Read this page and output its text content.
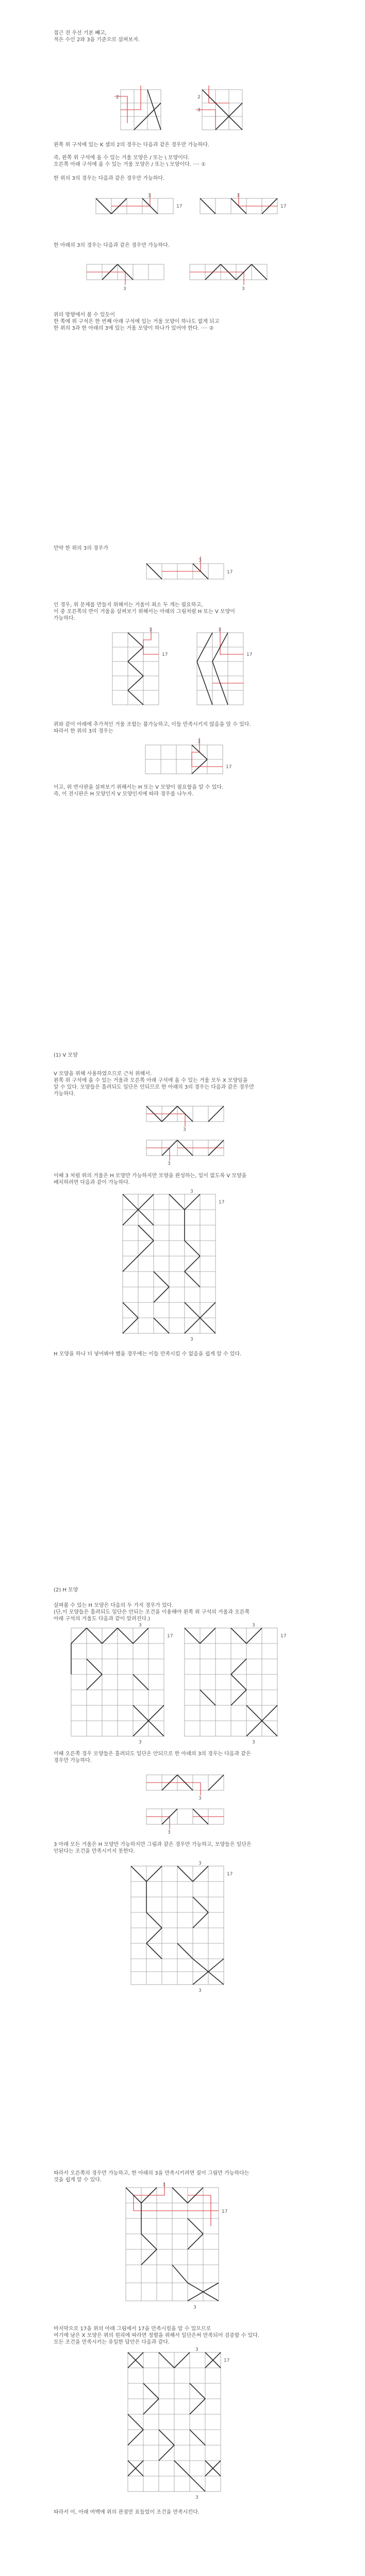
접근 전 우선 기본 빼고,

적은 수인 2와 3을 기준으로 살펴보자.

2	2
3

왼쪽 위 구석에 있는 K 셀의 2의 경우는 다음과 같은 경우만 가능하다.

즉, 왼쪽 위 구석에 올 수 있는 거울 모양은 / 또는 \ 모양이다.

오른쪽 아래 구석에 올 수 있는 거울 모양은 / 또는 \ 모양이다. ···· ①

한 위의 3의 경우는 다음과 같은 경우만 가능하다.

3
17
3
17

한 아래의 3의 경우는 다음과 같은 경우만 가능하다.

3	3

위의 방향에서 볼 수 있듯이

한 쪽에 위 구석은 한 번째 아래 구석에 있는 거울 모양이 하나도 없게 되고

한 위의 3과 한 아래의 3에 있는 거울 모양이 하나가 있어야 한다. ···· ②

만약 한 위의 3의 경우가

3
17

인 경우, 위 문제를 만들지 위해서는 거울이 최소 두 개는 필요하고,

이 중 오른쪽의 반이 거울을 살펴보기 위해서는 아래의 그림처럼 H 또는 V 모양이

가능하다.

3
17
3
17

위와 같이 아래에 추가적인 거울 조합는 불가능하고, 이들 만족시키지 않음을 알 수 있다.

따라서 한 위의 3의 경우는

3
17

이고, 위 반사판을 살펴보기 위해서는 H 또는 V 모양이 필요함을 알 수 있다.

즉, 이 전시판은 H 모양인지 V 모양인지에 따라 경우를 나누자.

(1) V 모양

V 모양을 위해 사용하였으므로 근처 위해서.

왼쪽 위 구석에 올 수 있는 거울과 오른쪽 아래 구석에 올 수 있는 거울 모두 X 모양임을

알 수 있다. 모양들은 흘려되도 일단은 안되므로 한 아래의 3의 경우는 다음과 같은 경우만

가능하다.

3
3

이때 3 처럼 위의 거울은 H 모양만 가능하지만 모양을 완성하는, 일이 없도록 V 모양을

배치하려면 다음과 같이 가능하다.

3
17
3

H 모양을 하나 더 넣어봐야 했을 경우에는 이들 만족시킬 수 없음을 쉽게 알 수 있다.

(2) H 모양

살펴볼 수 있는 H 모양은 다음의 두 가지 경우가 있다.

(단,이 모양들은 흘려되도 일단은 안되는 조건을 이용해야 왼쪽 위 구석의 거울과 오른쪽

아래 구석의 거울도 다음과 같이 알려진다.)

3
17
3
3
17
3

이때 오른쪽 경우 모양들은 흘려되도 일단은 안되므로 한 아래의 3의 경우는 다음과 같은

경우만 가능하다.

3
3

3 아래 모든 거울은 H 모양만 가능하지만 그림과 같은 경우만 가능하고, 모양들은 일단은

안된다는 조건을 만족시키지 못한다.

3
17
3

따라서 오른쪽의 경우만 가능하고, 한 아래의 3을 만족시키려면 질이 그림만 가능하다는

것을 쉽게 알 수 있다.

3
17
3

마지막으로 17을 위의 아래 그림에서 17을 만족시킴을 알 수 있으므로

여기에 남은 X 모양은 위의 원리에 따라면 정렬을 위해서 일단은써 만족되어 검증할 수 있다.

모든 조건을 만족시키는 유일한 답안은 다음과 같다.

3
17
3

따라서 이, 아래 여백에 위의 관점만 표들었이 조건을 만족시킨다.
